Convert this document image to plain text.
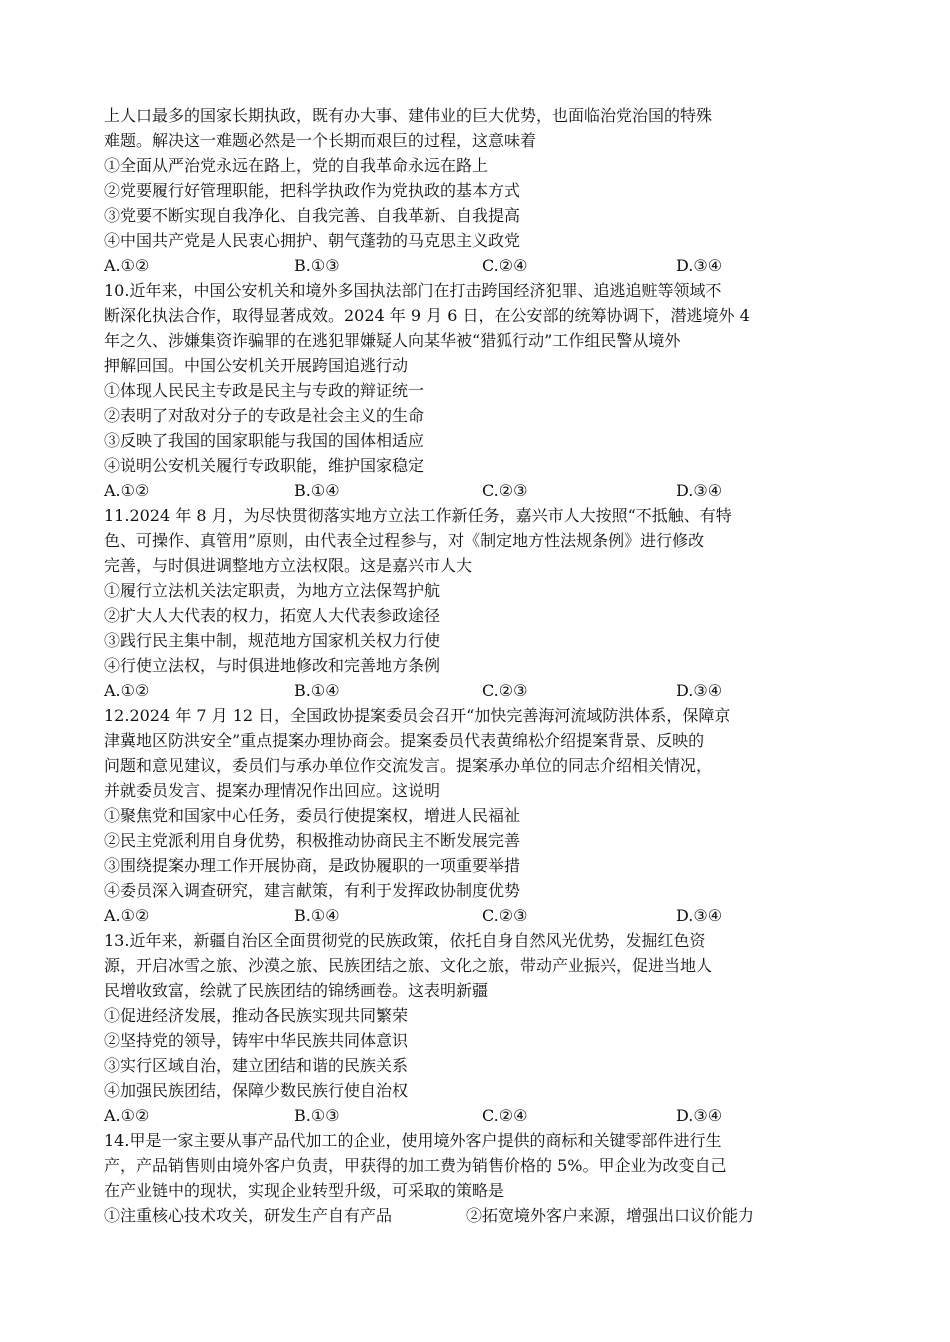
上人口最多的国家长期执政，既有办大事、建伟业的巨大优势，也面临治党治国的特殊
难题。解决这一难题必然是一个长期而艰巨的过程，这意味着
①全面从严治党永远在路上，党的自我革命永远在路上
②党要履行好管理职能，把科学执政作为党执政的基本方式
③党要不断实现自我净化、自我完善、自我革新、自我提高
④中国共产党是人民衷心拥护、朝气蓬勃的马克思主义政党
A.①②	B.①③	C.②④	D.③④
10.近年来，中国公安机关和境外多国执法部门在打击跨国经济犯罪、追逃追赃等领域不
断深化执法合作，取得显著成效。2024 年 9 月 6 日，在公安部的统筹协调下，潜逃境外 4
年之久、涉嫌集资诈骗罪的在逃犯罪嫌疑人向某华被“猎狐行动”工作组民警从境外
押解回国。中国公安机关开展跨国追逃行动
①体现人民民主专政是民主与专政的辩证统一
②表明了对敌对分子的专政是社会主义的生命
③反映了我国的国家职能与我国的国体相适应
④说明公安机关履行专政职能，维护国家稳定
A.①②	B.①④	C.②③	D.③④
11.2024 年 8 月，为尽快贯彻落实地方立法工作新任务，嘉兴市人大按照“不抵触、有特
色、可操作、真管用”原则，由代表全过程参与，对《制定地方性法规条例》进行修改
完善，与时俱进调整地方立法权限。这是嘉兴市人大
①履行立法机关法定职责，为地方立法保驾护航
②扩大人大代表的权力，拓宽人大代表参政途径
③践行民主集中制，规范地方国家机关权力行使
④行使立法权，与时俱进地修改和完善地方条例
A.①②	B.①④	C.②③	D.③④
12.2024 年 7 月 12 日，全国政协提案委员会召开“加快完善海河流域防洪体系，保障京
津冀地区防洪安全”重点提案办理协商会。提案委员代表黄绵松介绍提案背景、反映的
问题和意见建议，委员们与承办单位作交流发言。提案承办单位的同志介绍相关情况，
并就委员发言、提案办理情况作出回应。这说明
①聚焦党和国家中心任务，委员行使提案权，增进人民福祉
②民主党派利用自身优势，积极推动协商民主不断发展完善
③围绕提案办理工作开展协商，是政协履职的一项重要举措
④委员深入调查研究，建言献策，有利于发挥政协制度优势
A.①②	B.①④	C.②③	D.③④
13.近年来，新疆自治区全面贯彻党的民族政策，依托自身自然风光优势，发掘红色资
源，开启冰雪之旅、沙漠之旅、民族团结之旅、文化之旅，带动产业振兴，促进当地人
民增收致富，绘就了民族团结的锦绣画卷。这表明新疆
①促进经济发展，推动各民族实现共同繁荣
②坚持党的领导，铸牢中华民族共同体意识
③实行区域自治，建立团结和谐的民族关系
④加强民族团结，保障少数民族行使自治权
A.①②	B.①③	C.②④	D.③④
14.甲是一家主要从事产品代加工的企业，使用境外客户提供的商标和关键零部件进行生
产，产品销售则由境外客户负责，甲获得的加工费为销售价格的 5%。甲企业为改变自己
在产业链中的现状，实现企业转型升级，可采取的策略是
①注重核心技术攻关，研发生产自有产品	②拓宽境外客户来源，增强出口议价能力
